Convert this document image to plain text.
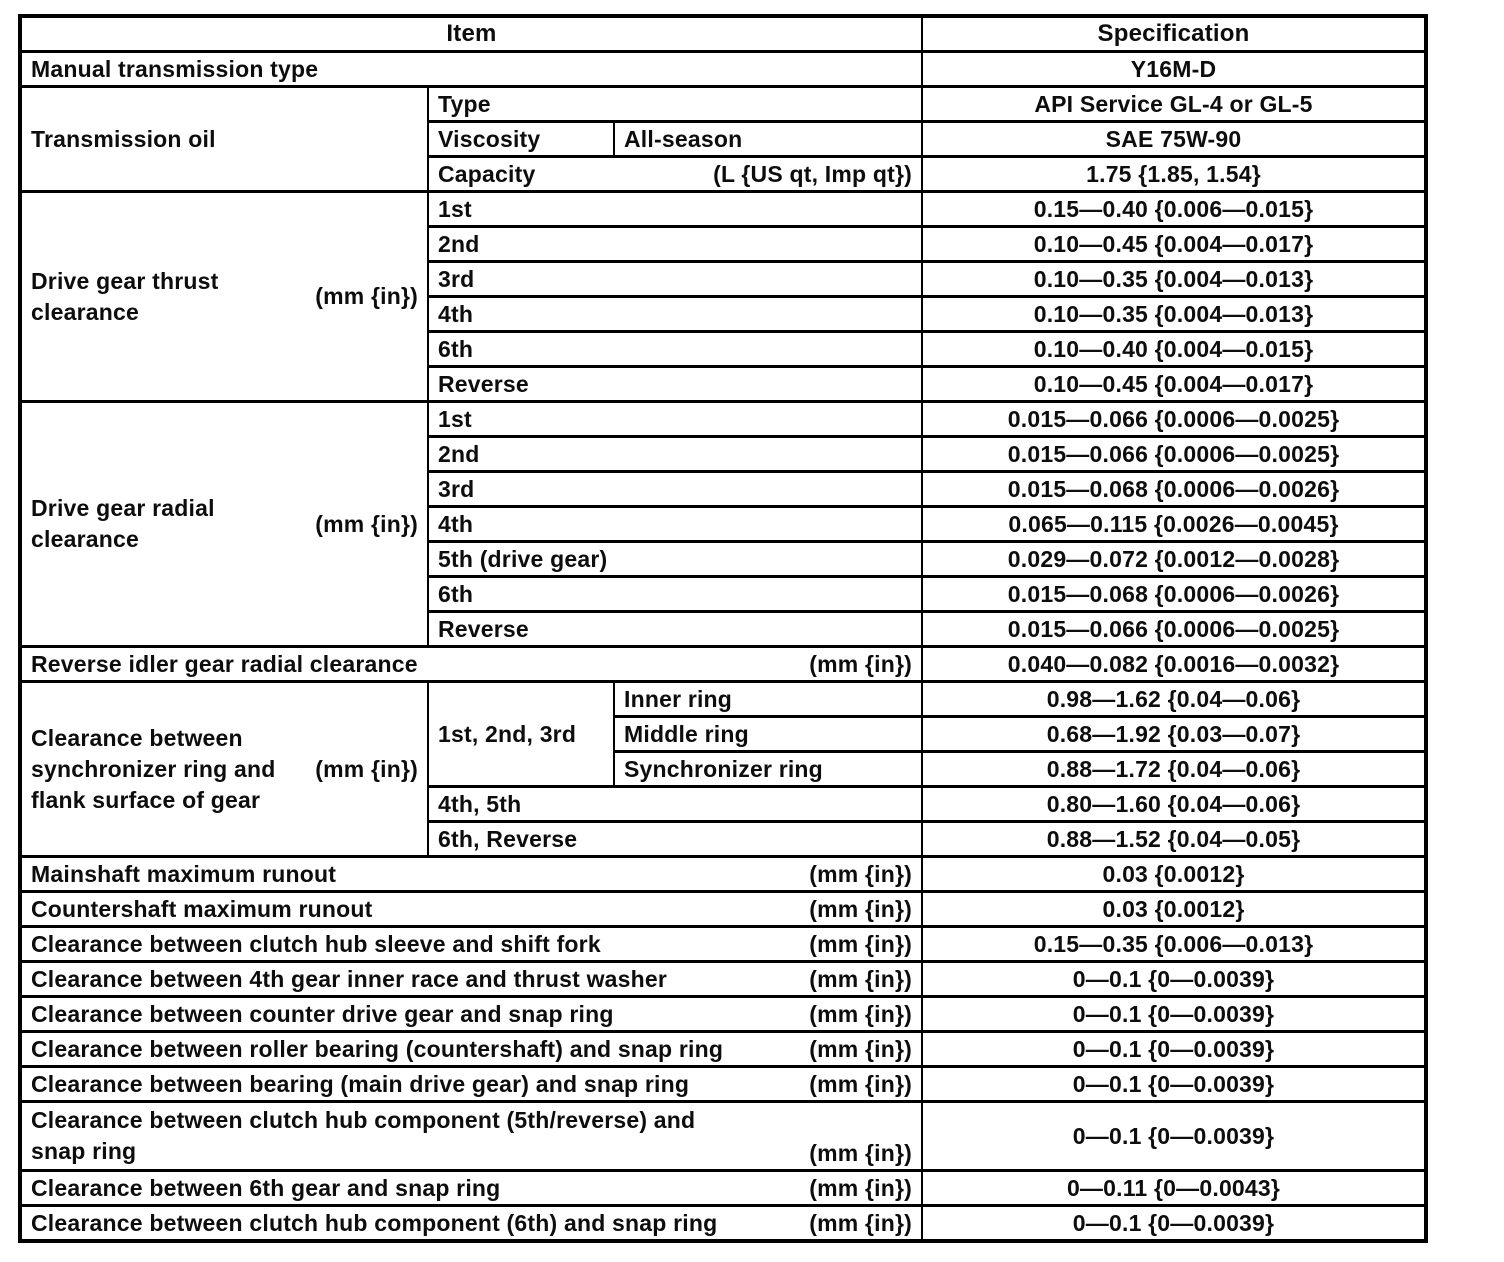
Item			Specification
Manual transmission type			Y16M-D
Transmission oil	Type		API Service GL-4 or GL-5
	Viscosity	All-season	SAE 75W-90

	Capacity (L {US qt, Imp qt})		1.75 {1.85, 1.54}

Drive gear thrust
clearance
(mm {in})	1st		0.15—0.40 {0.006—0.015}
	2nd		0.10—0.45 {0.004—0.017}
	3rd		0.10—0.35 {0.004—0.013}
	4th		0.10—0.35 {0.004—0.013}
	6th		0.10—0.40 {0.004—0.015}
	Reverse		0.10—0.45 {0.004—0.017}

Drive gear radial
clearance
(mm {in})	1st		0.015—0.066 {0.0006—0.0025}
	2nd		0.015—0.066 {0.0006—0.0025}
	3rd		0.015—0.068 {0.0006—0.0026}
	4th		0.065—0.115 {0.0026—0.0045}
	5th (drive gear)		0.029—0.072 {0.0012—0.0028}
	6th		0.015—0.068 {0.0006—0.0026}
	Reverse		0.015—0.066 {0.0006—0.0025}

Reverse idler gear radial clearance (mm {in})			0.040—0.082 {0.0016—0.0032}

Clearance between
synchronizer ring and
flank surface of gear
(mm {in})	1st, 2nd, 3rd	Inner ring	0.98—1.62 {0.04—0.06}
		Middle ring	0.68—1.92 {0.03—0.07}
		Synchronizer ring	0.88—1.72 {0.04—0.06}
	4th, 5th		0.80—1.60 {0.04—0.06}
	6th, Reverse		0.88—1.52 {0.04—0.05}

Mainshaft maximum runout (mm {in})			0.03 {0.0012}

Countershaft maximum runout (mm {in})			0.03 {0.0012}

Clearance between clutch hub sleeve and shift fork (mm {in})			0.15—0.35 {0.006—0.013}

Clearance between 4th gear inner race and thrust washer (mm {in})			0—0.1 {0—0.0039}

Clearance between counter drive gear and snap ring (mm {in})			0—0.1 {0—0.0039}

Clearance between roller bearing (countershaft) and snap ring (mm {in})			0—0.1 {0—0.0039}

Clearance between bearing (main drive gear) and snap ring (mm {in})			0—0.1 {0—0.0039}

Clearance between clutch hub component (5th/reverse) and
snap ring (mm {in})			0—0.1 {0—0.0039}

Clearance between 6th gear and snap ring (mm {in})			0—0.11 {0—0.0043}

Clearance between clutch hub component (6th) and snap ring (mm {in})			0—0.1 {0—0.0039}
